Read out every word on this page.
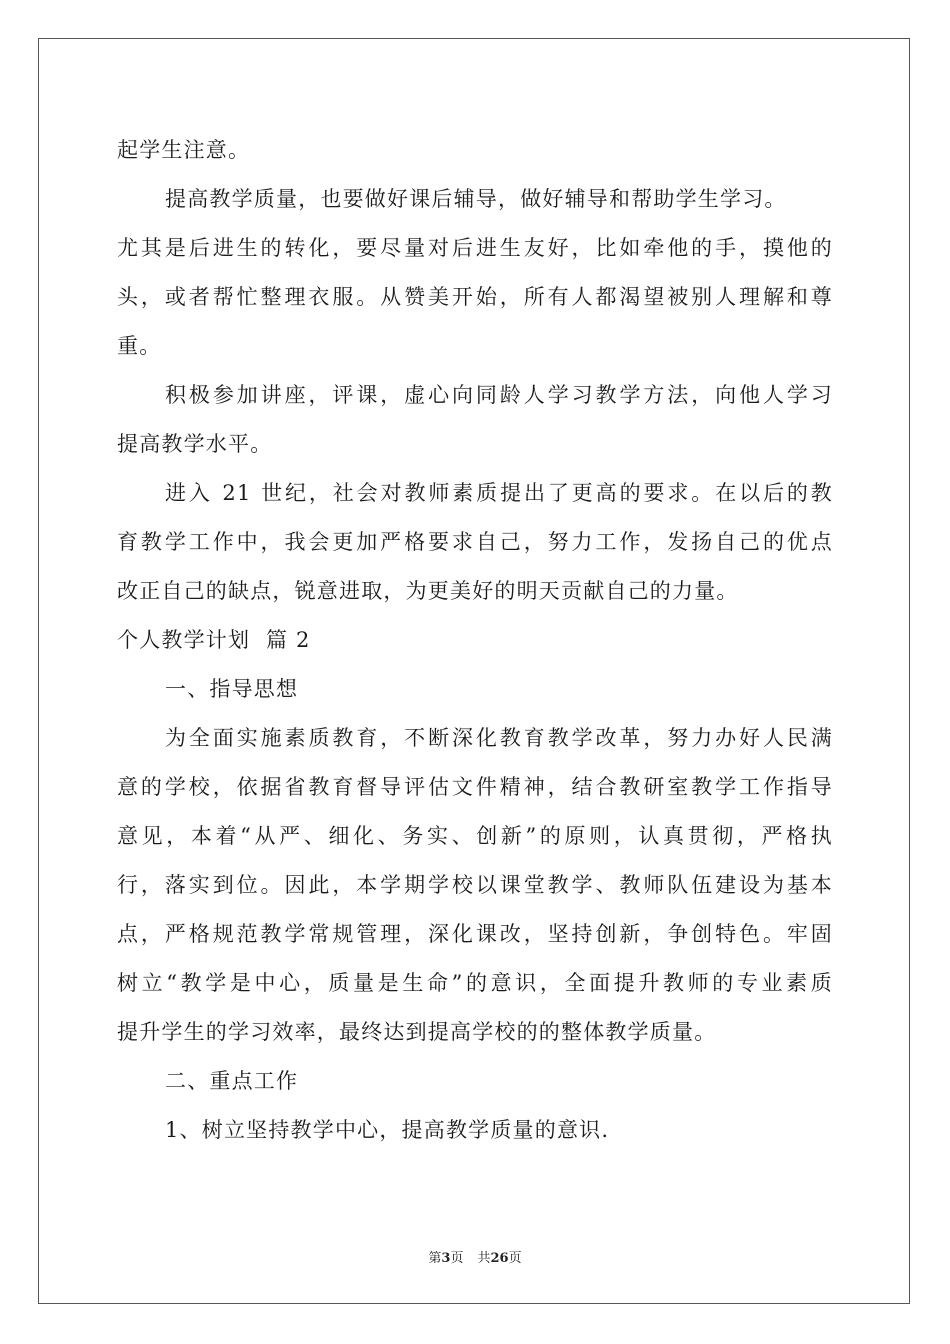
起学生注意。
提高教学质量，也要做好课后辅导，做好辅导和帮助学生学习。
尤其是后进生的转化，要尽量对后进生友好，比如牵他的手，摸他的
头，或者帮忙整理衣服。从赞美开始，所有人都渴望被别人理解和尊
重。
积极参加讲座，评课，虚心向同龄人学习教学方法，向他人学习
提高教学水平。
进入 21 世纪，社会对教师素质提出了更高的要求。在以后的教
育教学工作中，我会更加严格要求自己，努力工作，发扬自己的优点
改正自己的缺点，锐意进取，为更美好的明天贡献自己的力量。
个人教学计划  篇 2
一、指导思想
为全面实施素质教育，不断深化教育教学改革，努力办好人民满
意的学校，依据省教育督导评估文件精神，结合教研室教学工作指导
意见，本着“从严、细化、务实、创新”的原则，认真贯彻，严格执
行，落实到位。因此，本学期学校以课堂教学、教师队伍建设为基本
点，严格规范教学常规管理，深化课改，坚持创新，争创特色。牢固
树立“教学是中心，质量是生命”的意识，全面提升教师的专业素质
提升学生的学习效率，最终达到提高学校的的整体教学质量。
二、重点工作
1、树立坚持教学中心，提高教学质量的意识.
第3页 共26页
